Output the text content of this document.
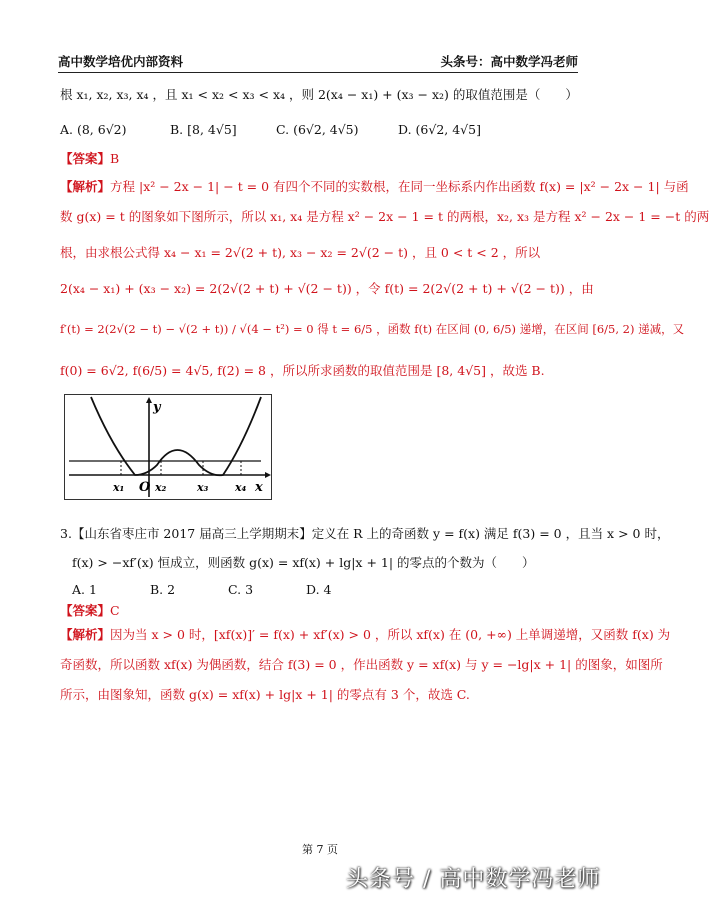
高中数学培优内部资料	头条号：高中数学冯老师
根 x₁, x₂, x₃, x₄ ，且 x₁ < x₂ < x₃ < x₄ ，则 2(x₄ − x₁) + (x₃ − x₂) 的取值范围是（　　）
A. (8, 6√2)	B. [8, 4√5]	C. (6√2, 4√5)	D. (6√2, 4√5]
【答案】B
【解析】方程 |x² − 2x − 1| − t = 0 有四个不同的实数根，在同一坐标系内作出函数 f(x) = |x² − 2x − 1| 与函
数 g(x) = t 的图象如下图所示，所以 x₁, x₄ 是方程 x² − 2x − 1 = t 的两根，x₂, x₃ 是方程 x² − 2x − 1 = −t 的两
根，由求根公式得 x₄ − x₁ = 2√(2 + t), x₃ − x₂ = 2√(2 − t) ，且 0 < t < 2 ，所以
2(x₄ − x₁) + (x₃ − x₂) = 2(2√(2 + t) + √(2 − t)) ，令 f(t) = 2(2√(2 + t) + √(2 − t)) ，由
f′(t) = 2(2√(2 − t) − √(2 + t)) / √(4 − t²) = 0 得 t = 6/5 ，函数 f(t) 在区间 (0, 6/5) 递增，在区间 [6/5, 2) 递减，又
f(0) = 6√2, f(6/5) = 4√5, f(2) = 8 ，所以所求函数的取值范围是 [8, 4√5] ，故选 B.
y
x
O
x₁	x₂	x₃ x₄
3.【山东省枣庄市 2017 届高三上学期期末】定义在 R 上的奇函数 y = f(x) 满足 f(3) = 0 ，且当 x > 0 时，
f(x) > −xf′(x) 恒成立，则函数 g(x) = xf(x) + lg|x + 1| 的零点的个数为（　　）
A. 1	B. 2	C. 3	D. 4
【答案】C
【解析】因为当 x > 0 时，[xf(x)]′ = f(x) + xf′(x) > 0 ，所以 xf(x) 在 (0, +∞) 上单调递增，又函数 f(x) 为
奇函数，所以函数 xf(x) 为偶函数，结合 f(3) = 0 ，作出函数 y = xf(x) 与 y = −lg|x + 1| 的图象，如图所
所示，由图象知，函数 g(x) = xf(x) + lg|x + 1| 的零点有 3 个，故选 C.
第 7 页
头条号 / 高中数学冯老师
